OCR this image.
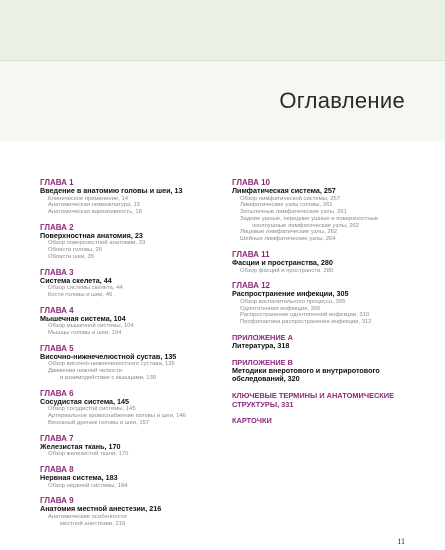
Оглавление
ГЛАВА 1
Введение в анатомию головы и шеи, 13
Клиническое применение, 14
Анатомическая номенклатура, 15
Анатомическая вариативность, 18
ГЛАВА 2
Поверхностная анатомия, 23
Обзор поверхностной анатомии, 23
Области головы, 26
Области шеи, 35
ГЛАВА 3
Система скелета, 44
Обзор системы скелета, 44
Кости головы и шеи, 45
ГЛАВА 4
Мышечная система, 104
Обзор мышечной системы, 104
Мышцы головы и шеи, 104
ГЛАВА 5
Височно-нижнечелюстной сустав, 135
Обзор височно-нижнечелюстного сустава, 135
Движения нижней челюсти
и взаимодействие с мышцами, 139
ГЛАВА 6
Сосудистая система, 145
Обзор сосудистой системы, 145
Артериальное кровоснабжение головы и шеи, 146
Венозный дренаж головы и шеи, 157
ГЛАВА 7
Железистая ткань, 170
Обзор железистой ткани, 170
ГЛАВА 8
Нервная система, 183
Обзор нервной системы, 184
ГЛАВА 9
Анатомия местной анестезии, 216
Анатомические особенности
местной анестезии, 216
ГЛАВА 10
Лимфатическая система, 257
Обзор лимфатической системы, 257
Лимфатические узлы головы, 261
Затылочные лимфатические узлы, 261
Задние ушные, передние ушные и поверхностные
околоушные лимфатические узлы, 262
Лицевые лимфатические узлы, 262
Шейные лимфатические узлы, 264
ГЛАВА 11
Фасции и пространства, 280
Обзор фасций и пространств, 280
ГЛАВА 12
Распространение инфекции, 305
Обзор воспалительного процесса, 305
Одонтогенная инфекция, 306
Распространение одонтогенной инфекции, 310
Профилактика распространения инфекции, 312
ПРИЛОЖЕНИЕ А
Литература, 318
ПРИЛОЖЕНИЕ В
Методики внеротового и внутриротового обследований, 320
КЛЮЧЕВЫЕ ТЕРМИНЫ И АНАТОМИЧЕСКИЕ СТРУКТУРЫ, 331
КАРТОЧКИ
11
